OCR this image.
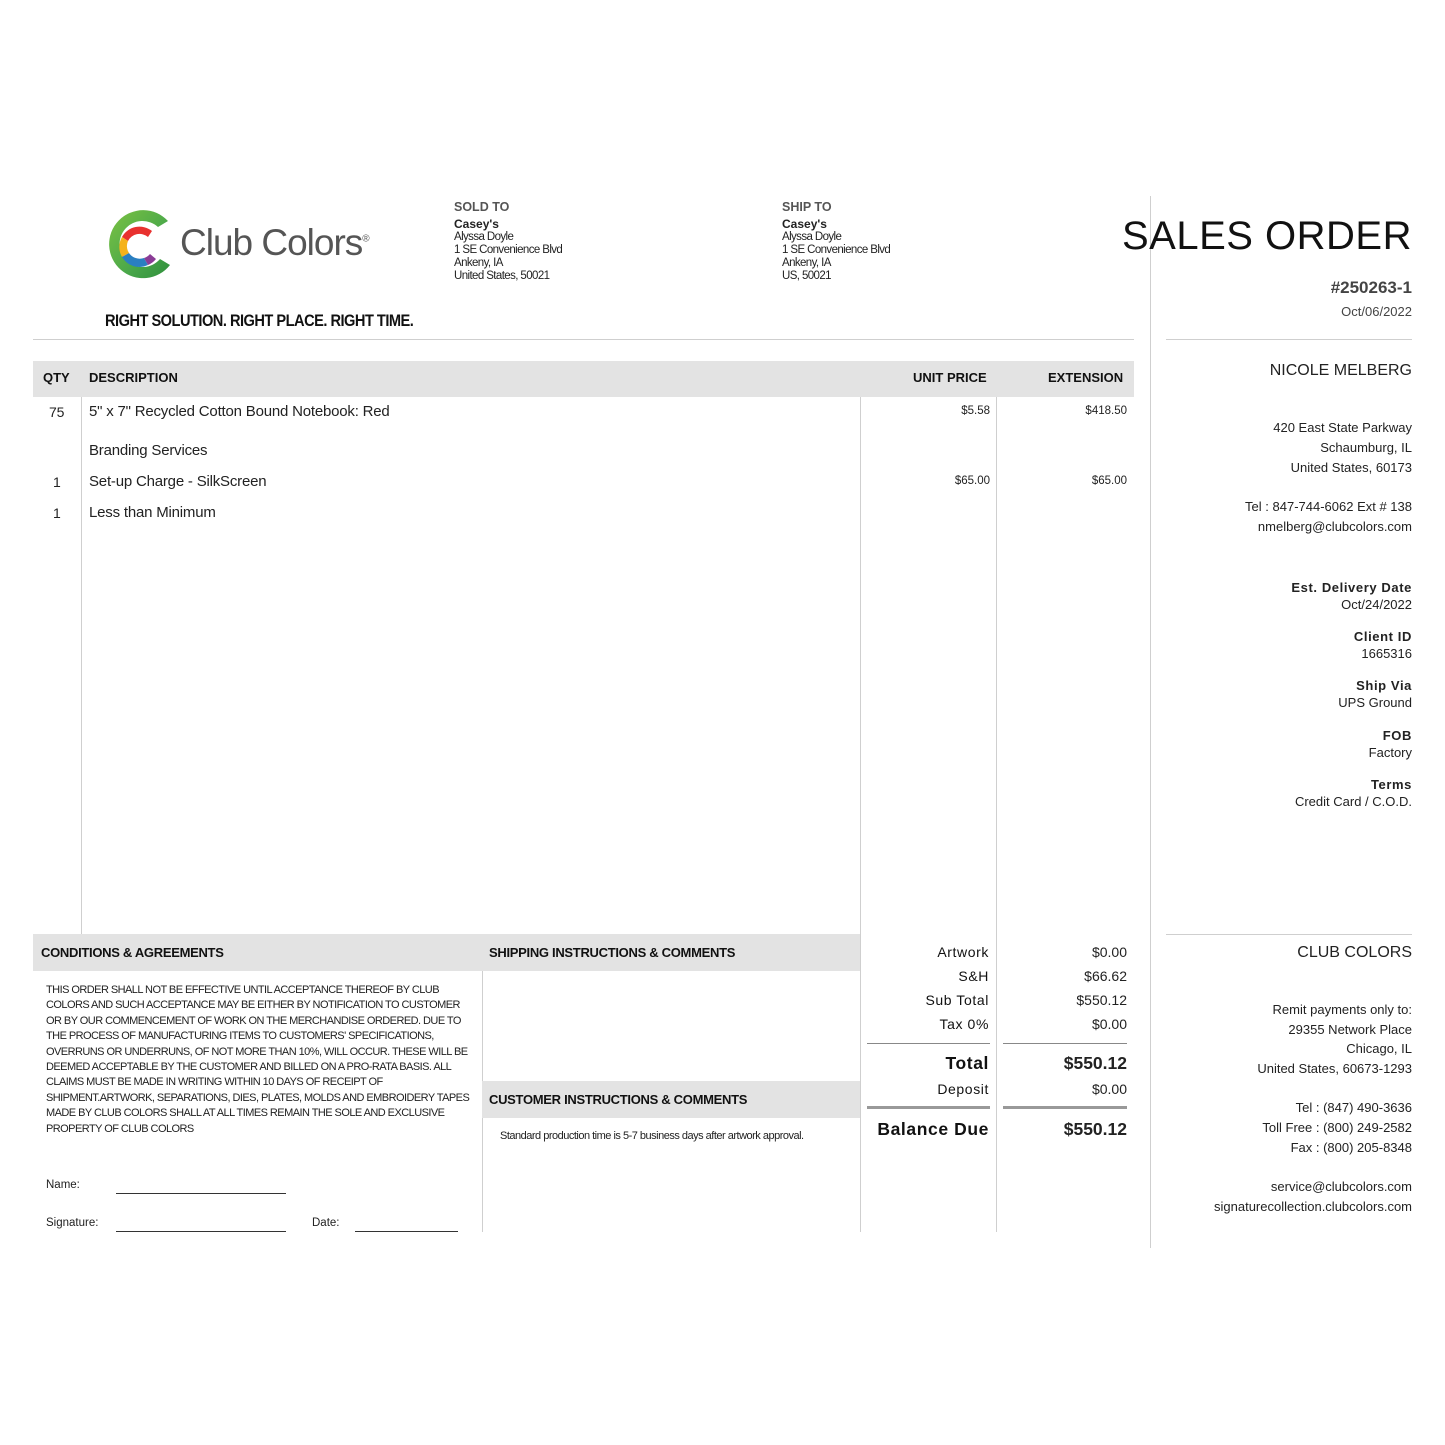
Club Colors®
RIGHT SOLUTION. RIGHT PLACE. RIGHT TIME.
SOLD TO
Casey's
Alyssa Doyle
1 SE Convenience Blvd
Ankeny, IA
United States, 50021
SHIP TO
Casey's
Alyssa Doyle
1 SE Convenience Blvd
Ankeny, IA
US, 50021
SALES ORDER
#250263-1
Oct/06/2022
NICOLE MELBERG
420 East State Parkway
Schaumburg, IL
United States, 60173
Tel : 847-744-6062 Ext # 138
nmelberg@clubcolors.com
Est. Delivery Date
Oct/24/2022
Client ID
1665316
Ship Via
UPS Ground
FOB
Factory
Terms
Credit Card / C.O.D.
CLUB COLORS
Remit payments only to:
29355 Network Place
Chicago, IL
United States, 60673-1293
Tel : (847) 490-3636
Toll Free : (800) 249-2582
Fax : (800) 205-8348
service@clubcolors.com
signaturecollection.clubcolors.com
QTY DESCRIPTION	UNIT PRICE	EXTENSION
75 5" x 7" Recycled Cotton Bound Notebook: Red	$5.58	$418.50
Branding Services
1 Set-up Charge - SilkScreen	$65.00	$65.00
1 Less than Minimum
CONDITIONS & AGREEMENTS	SHIPPING INSTRUCTIONS & COMMENTS
THIS ORDER SHALL NOT BE EFFECTIVE UNTIL ACCEPTANCE THEREOF BY CLUB COLORS AND SUCH ACCEPTANCE MAY BE EITHER BY NOTIFICATION TO CUSTOMER OR BY OUR COMMENCEMENT OF WORK ON THE MERCHANDISE ORDERED. DUE TO THE PROCESS OF MANUFACTURING ITEMS TO CUSTOMERS' SPECIFICATIONS, OVERRUNS OR UNDERRUNS, OF NOT MORE THAN 10%, WILL OCCUR. THESE WILL BE DEEMED ACCEPTABLE BY THE CUSTOMER AND BILLED ON A PRO-RATA BASIS. ALL CLAIMS MUST BE MADE IN WRITING WITHIN 10 DAYS OF RECEIPT OF SHIPMENT.ARTWORK, SEPARATIONS, DIES, PLATES, MOLDS AND EMBROIDERY TAPES MADE BY CLUB COLORS SHALL AT ALL TIMES REMAIN THE SOLE AND EXCLUSIVE PROPERTY OF CLUB COLORS
Name:
Signature:	Date:
CUSTOMER INSTRUCTIONS & COMMENTS
Standard production time is 5-7 business days after artwork approval.
Artwork	$0.00
S&H	$66.62
Sub Total	$550.12
Tax 0%	$0.00
Total	$550.12
Deposit	$0.00
Balance Due	$550.12
